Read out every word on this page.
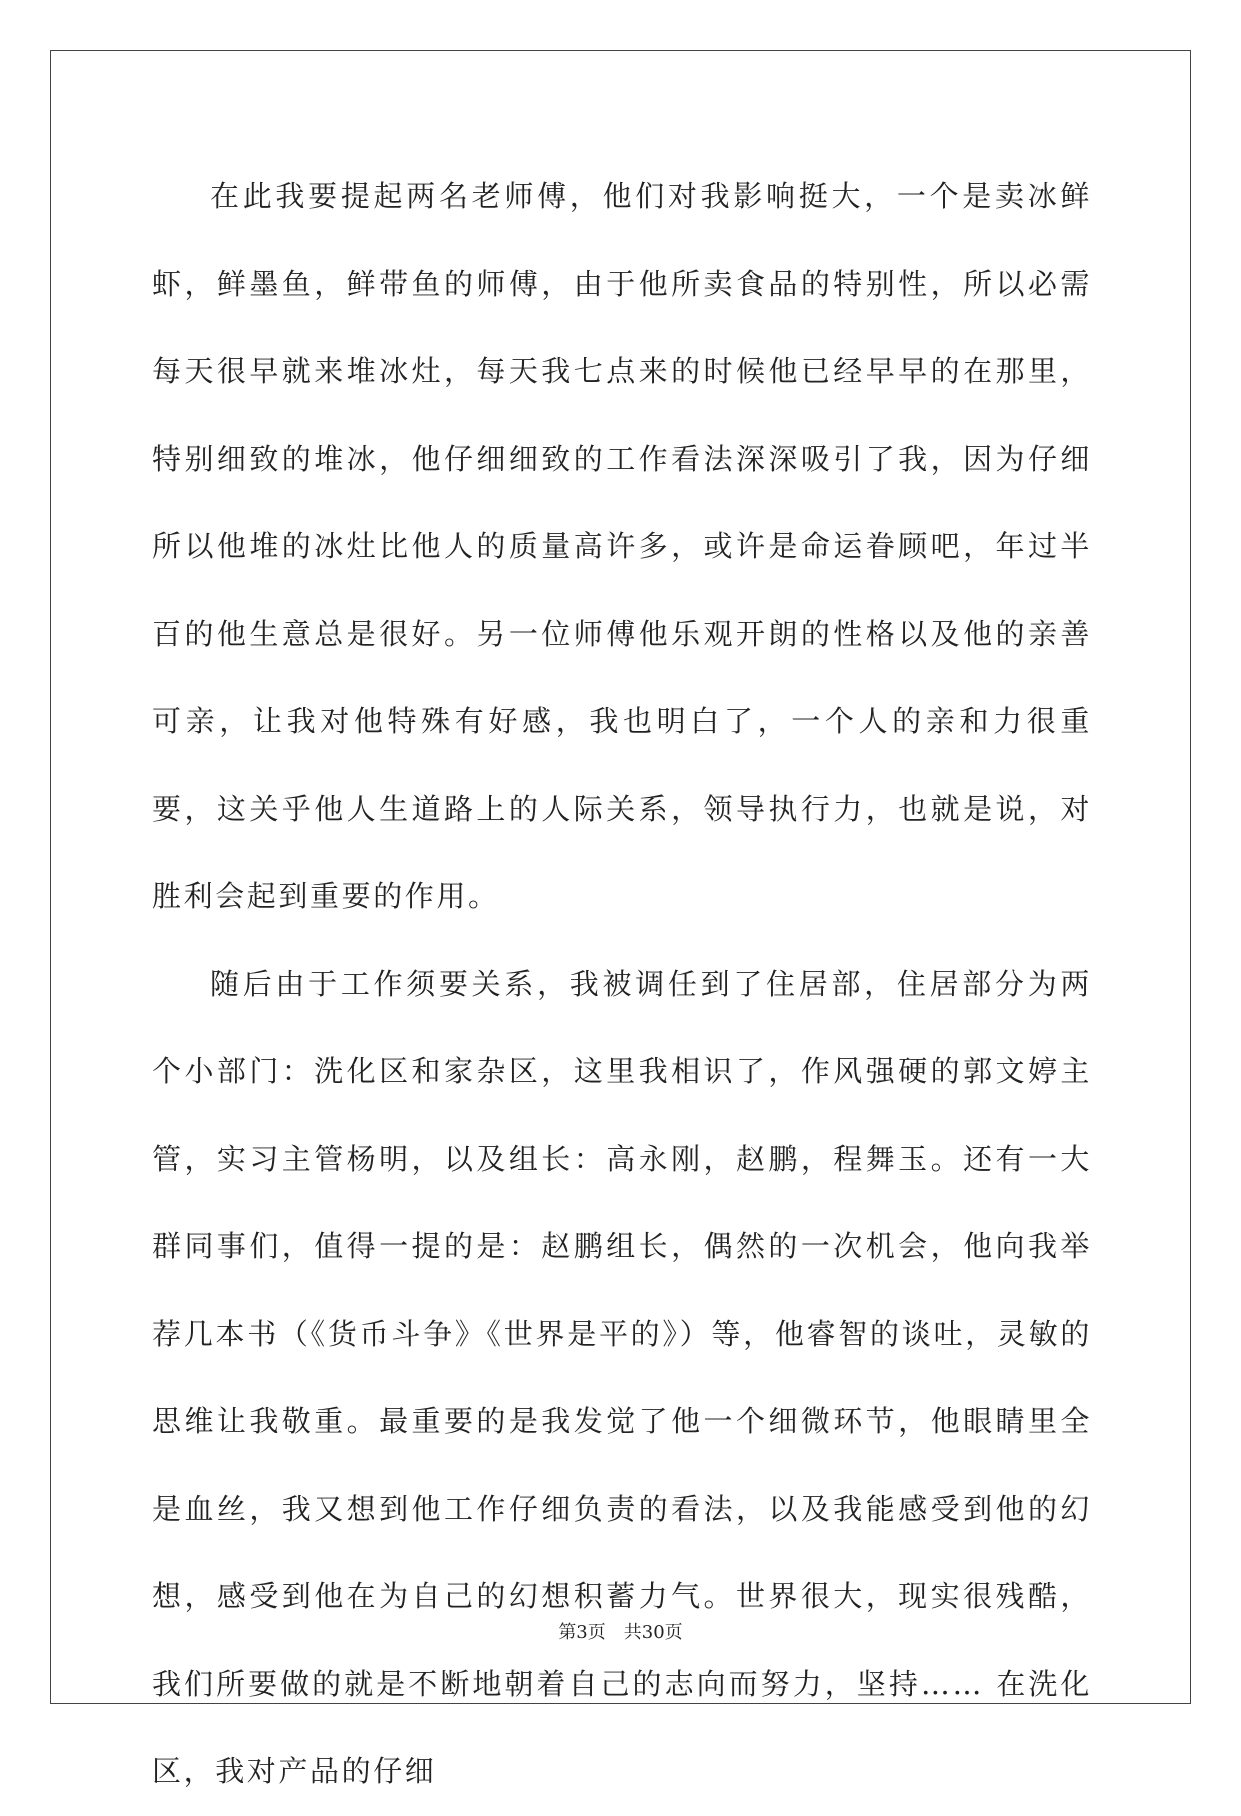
在此我要提起两名老师傅，他们对我影响挺大，一个是卖冰鲜虾，鲜墨鱼，鲜带鱼的师傅，由于他所卖食品的特别性，所以必需每天很早就来堆冰灶，每天我七点来的时候他已经早早的在那里，特别细致的堆冰，他仔细细致的工作看法深深吸引了我，因为仔细所以他堆的冰灶比他人的质量高许多，或许是命运眷顾吧，年过半百的他生意总是很好。另一位师傅他乐观开朗的性格以及他的亲善可亲，让我对他特殊有好感，我也明白了，一个人的亲和力很重要，这关乎他人生道路上的人际关系，领导执行力，也就是说，对胜利会起到重要的作用。

随后由于工作须要关系，我被调任到了住居部，住居部分为两个小部门：洗化区和家杂区，这里我相识了，作风强硬的郭文婷主管，实习主管杨明，以及组长：高永刚，赵鹏，程舞玉。还有一大群同事们，值得一提的是：赵鹏组长，偶然的一次机会，他向我举荐几本书（《货币斗争》《世界是平的》）等，他睿智的谈吐，灵敏的思维让我敬重。最重要的是我发觉了他一个细微环节，他眼睛里全是血丝，我又想到他工作仔细负责的看法，以及我能感受到他的幻想，感受到他在为自己的幻想积蓄力气。世界很大，现实很残酷，我们所要做的就是不断地朝着自己的志向而努力，坚持…… 在洗化区，我对产品的仔细

第3页 共30页
